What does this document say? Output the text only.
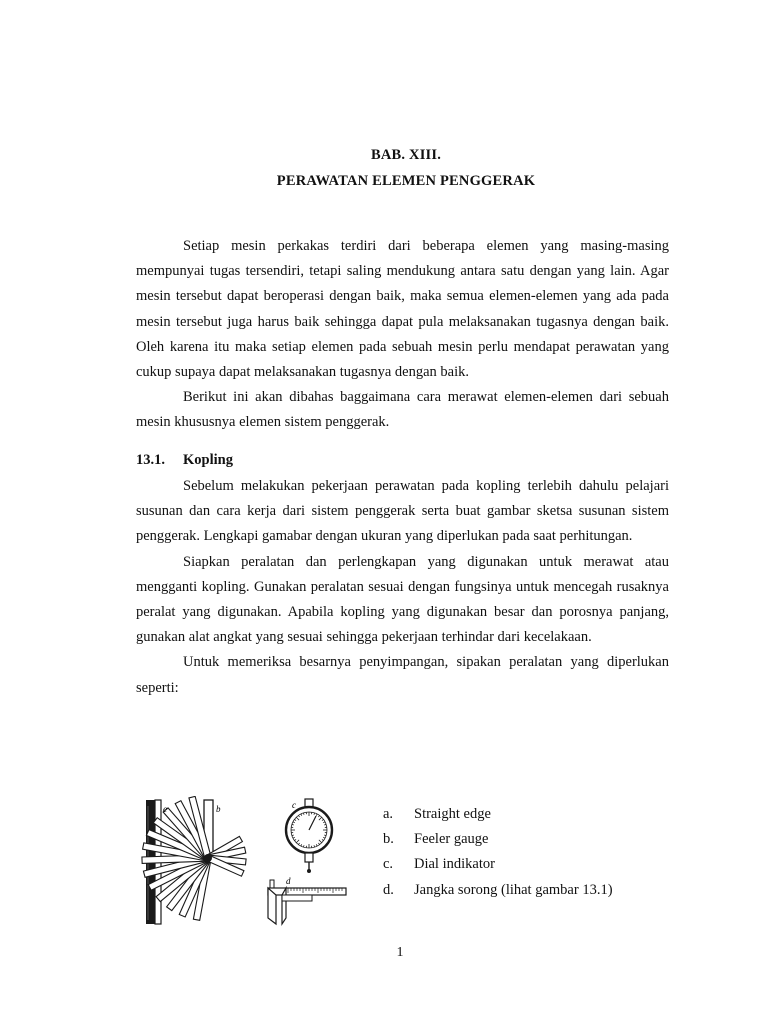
BAB. XIII.
PERAWATAN ELEMEN PENGGERAK

Setiap mesin perkakas terdiri dari beberapa elemen yang masing-masing mempunyai tugas tersendiri, tetapi saling mendukung antara satu dengan yang lain. Agar mesin tersebut dapat beroperasi dengan baik, maka semua elemen-elemen yang ada pada mesin tersebut juga harus baik sehingga dapat pula melaksanakan tugasnya dengan baik. Oleh karena itu maka setiap elemen pada sebuah mesin perlu mendapat perawatan yang cukup supaya dapat melaksanakan tugasnya dengan baik.

Berikut ini akan dibahas baggaimana cara merawat elemen-elemen dari sebuah mesin khususnya elemen sistem penggerak.

13.1. Kopling

Sebelum melakukan pekerjaan perawatan pada kopling terlebih dahulu pelajari susunan dan cara kerja dari sistem penggerak serta buat gambar sketsa susunan sistem penggerak. Lengkapi gamabar dengan ukuran yang diperlukan pada saat perhitungan.

Siapkan peralatan dan perlengkapan yang digunakan untuk merawat atau mengganti kopling. Gunakan peralatan sesuai dengan fungsinya untuk mencegah rusaknya peralat yang digunakan. Apabila kopling yang digunakan besar dan porosnya panjang, gunakan alat angkat yang sesuai sehingga pekerjaan terhindar dari kecelakaan.

Untuk memeriksa besarnya penyimpangan, sipakan peralatan yang diperlukan seperti:

e	b	c
d
a. Straight edge
b. Feeler gauge
c. Dial indikator
d. Jangka sorong (lihat gambar 13.1)
1
